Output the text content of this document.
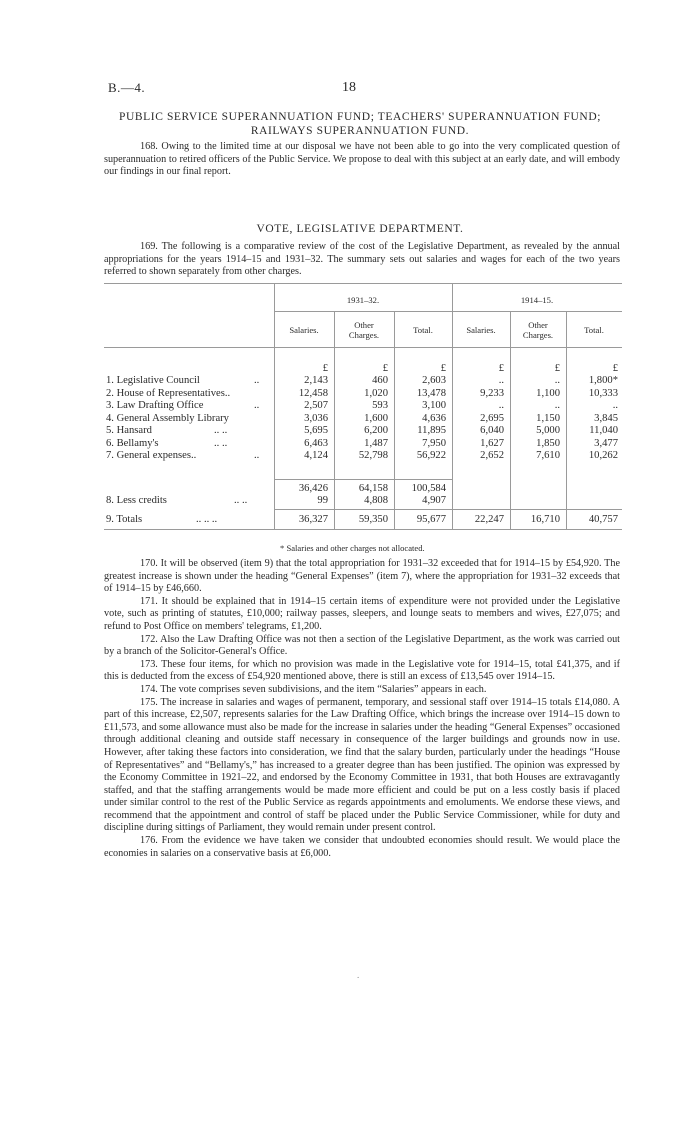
B.—4.	18
PUBLIC SERVICE SUPERANNUATION FUND; TEACHERS' SUPERANNUATION FUND;
RAILWAYS SUPERANNUATION FUND.

168. Owing to the limited time at our disposal we have not been able to go into the very complicated question of superannuation to retired officers of the Public Service. We propose to deal with this subject at an early date, and will embody our findings in our final report.

VOTE, LEGISLATIVE DEPARTMENT.

169. The following is a comparative review of the cost of the Legislative Department, as revealed by the annual appropriations for the years 1914–15 and 1931–32. The summary sets out salaries and wages for each of the two years referred to shown separately from other charges.

1931–32.	1914–15.
Salaries.	Other
Charges.	Total.	Salaries.	Other
Charges.	Total.
£	£	£	£	£	£
1. Legislative Council	..	2,143	460	2,603	..	..	1,800*
2. House of Representatives..	12,458	1,020	13,478	9,233	1,100	10,333
3. Law Drafting Office	..	2,507	593	3,100	..	..	..
4. General Assembly Library	3,036	1,600	4,636	2,695	1,150	3,845
5. Hansard	.. ..	5,695	6,200	11,895	6,040	5,000	11,040
6. Bellamy's	.. ..	6,463	1,487	7,950	1,627	1,850	3,477
7. General expenses..	..	4,124	52,798	56,922	2,652	7,610	10,262
36,426	64,158	100,584
8. Less credits	.. ..	99	4,808	4,907
9. Totals	.. .. ..	36,327	59,350	95,677	22,247	16,710	40,757
* Salaries and other charges not allocated.

170. It will be observed (item 9) that the total appropriation for 1931–32 exceeded that for 1914–15 by £54,920. The greatest increase is shown under the heading “General Expenses” (item 7), where the appropriation for 1931–32 exceeds that of 1914–15 by £46,660.

171. It should be explained that in 1914–15 certain items of expenditure were not provided under the Legislative vote, such as printing of statutes, £10,000; railway passes, sleepers, and lounge seats to members and wives, £27,075; and refund to Post Office on members' telegrams, £1,200.

172. Also the Law Drafting Office was not then a section of the Legislative Department, as the work was carried out by a branch of the Solicitor-General's Office.

173. These four items, for which no provision was made in the Legislative vote for 1914–15, total £41,375, and if this is deducted from the excess of £54,920 mentioned above, there is still an excess of £13,545 over 1914–15.

174. The vote comprises seven subdivisions, and the item “Salaries” appears in each.

175. The increase in salaries and wages of permanent, temporary, and sessional staff over 1914–15 totals £14,080. A part of this increase, £2,507, represents salaries for the Law Drafting Office, which brings the increase over 1914–15 down to £11,573, and some allowance must also be made for the increase in salaries under the heading “General Expenses” occasioned through additional cleaning and outside staff necessary in consequence of the larger buildings and grounds now in use. However, after taking these factors into consideration, we find that the salary burden, particularly under the headings “House of Representatives” and “Bellamy's,” has increased to a greater degree than has been justified. The opinion was expressed by the Economy Committee in 1921–22, and endorsed by the Economy Committee in 1931, that both Houses are extravagantly staffed, and that the staffing arrangements would be made more efficient and could be put on a less costly basis if placed under similar control to the rest of the Public Service as regards appointments and emoluments. We endorse these views, and recommend that the appointment and control of staff be placed under the Public Service Commissioner, while for duty and discipline during sittings of Parliament, they would remain under present control.

176. From the evidence we have taken we consider that undoubted economies should result. We would place the economies in salaries on a conservative basis at £6,000.

.
